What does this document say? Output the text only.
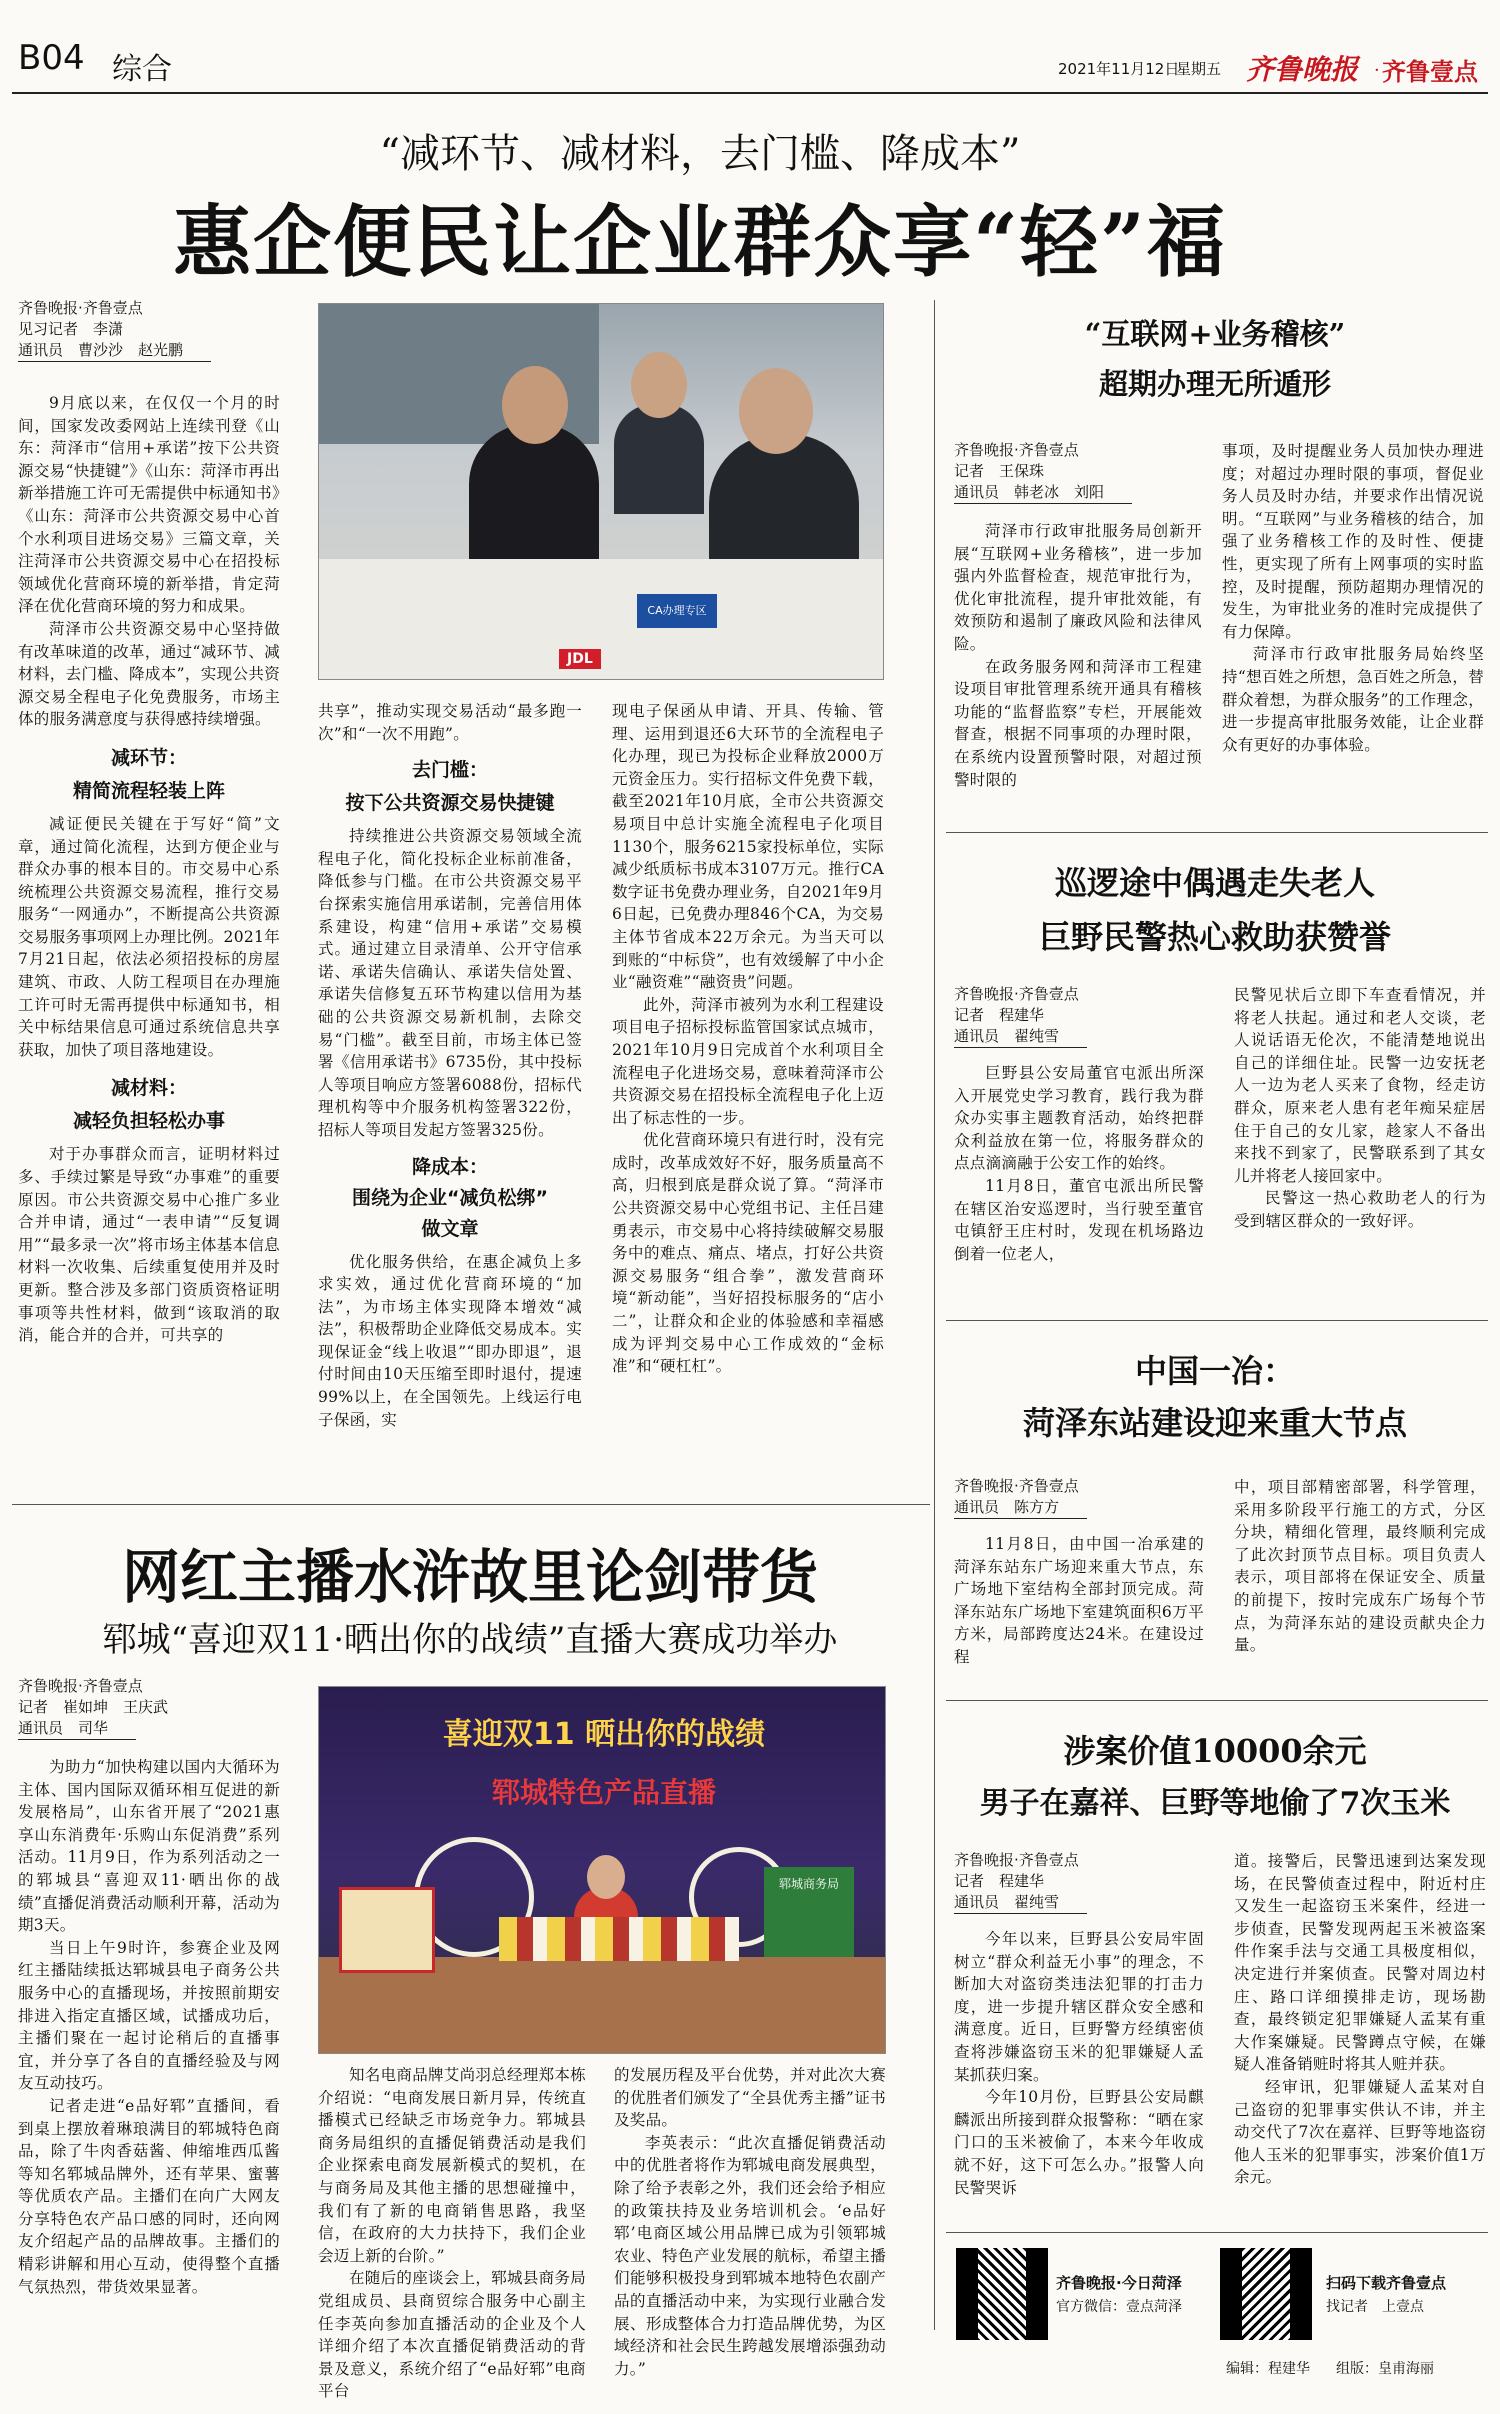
B04 综合	2021年11月12日
星期五 齐鲁晚报 · 齐鲁壹点
“减环节、减材料，去门槛、降成本”
惠企便民让企业群众享“轻”福
齐鲁晚报·齐鲁壹点
见习记者　李潇
通讯员　曹沙沙　赵光鹏
CA办理专区
JDL

9月底以来，在仅仅一个月的时间，国家发改委网站上连续刊登《山东：菏泽市“信用+承诺”按下公共资源交易“快捷键”》《山东：菏泽市再出新举措施工许可无需提供中标通知书》《山东：菏泽市公共资源交易中心首个水利项目进场交易》三篇文章，关注菏泽市公共资源交易中心在招投标领域优化营商环境的新举措，肯定菏泽在优化营商环境的努力和成果。

菏泽市公共资源交易中心坚持做有改革味道的改革，通过“减环节、减材料，去门槛、降成本”，实现公共资源交易全程电子化免费服务，市场主体的服务满意度与获得感持续增强。

减环节：
精简流程轻装上阵

减证便民关键在于写好“简”文章，通过简化流程，达到方便企业与群众办事的根本目的。市交易中心系统梳理公共资源交易流程，推行交易服务“一网通办”，不断提高公共资源交易服务事项网上办理比例。2021年7月21日起，依法必须招投标的房屋建筑、市政、人防工程项目在办理施工许可时无需再提供中标通知书，相关中标结果信息可通过系统信息共享获取，加快了项目落地建设。

减材料：
减轻负担轻松办事

对于办事群众而言，证明材料过多、手续过繁是导致“办事难”的重要原因。市公共资源交易中心推广多业合并申请，通过“一表申请”“反复调用”“最多录一次”将市场主体基本信息材料一次收集、后续重复使用并及时更新。整合涉及多部门资质资格证明事项等共性材料，做到“该取消的取消，能合并的合并，可共享的

共享”，推动实现交易活动“最多跑一次”和“一次不用跑”。

去门槛：
按下公共资源交易快捷键

持续推进公共资源交易领域全流程电子化，简化投标企业标前准备，降低参与门槛。在市公共资源交易平台探索实施信用承诺制，完善信用体系建设，构建“信用+承诺”交易模式。通过建立目录清单、公开守信承诺、承诺失信确认、承诺失信处置、承诺失信修复五环节构建以信用为基础的公共资源交易新机制，去除交易“门槛”。截至目前，市场主体已签署《信用承诺书》6735份，其中投标人等项目响应方签署6088份，招标代理机构等中介服务机构签署322份，招标人等项目发起方签署325份。

降成本：
围绕为企业“减负松绑”
做文章

优化服务供给，在惠企减负上多求实效，通过优化营商环境的“加法”，为市场主体实现降本增效“减法”，积极帮助企业降低交易成本。实现保证金“线上收退”“即办即退”，退付时间由10天压缩至即时退付，提速99%以上，在全国领先。上线运行电子保函，实

现电子保函从申请、开具、传输、管理、运用到退还6大环节的全流程电子化办理，现已为投标企业释放2000万元资金压力。实行招标文件免费下载，截至2021年10月底，全市公共资源交易项目中总计实施全流程电子化项目1130个，服务6215家投标单位，实际减少纸质标书成本3107万元。推行CA数字证书免费办理业务，自2021年9月6日起，已免费办理846个CA，为交易主体节省成本22万余元。为当天可以到账的“中标贷”，也有效缓解了中小企业“融资难”“融资贵”问题。

此外，菏泽市被列为水利工程建设项目电子招标投标监管国家试点城市，2021年10月9日完成首个水利项目全流程电子化进场交易，意味着菏泽市公共资源交易在招投标全流程电子化上迈出了标志性的一步。

优化营商环境只有进行时，没有完成时，改革成效好不好，服务质量高不高，归根到底是群众说了算。“菏泽市公共资源交易中心党组书记、主任吕建勇表示，市交易中心将持续破解交易服务中的难点、痛点、堵点，打好公共资源交易服务“组合拳”，激发营商环境“新动能”，当好招投标服务的“店小二”，让群众和企业的体验感和幸福感成为评判交易中心工作成效的“金标准”和“硬杠杠”。

“互联网+业务稽核”
超期办理无所遁形
齐鲁晚报·齐鲁壹点
记者　王保珠
通讯员　韩老冰　刘阳

菏泽市行政审批服务局创新开展“互联网+业务稽核”，进一步加强内外监督检查，规范审批行为，优化审批流程，提升审批效能，有效预防和遏制了廉政风险和法律风险。

在政务服务网和菏泽市工程建设项目审批管理系统开通具有稽核功能的“监督监察”专栏，开展能效督查，根据不同事项的办理时限，在系统内设置预警时限，对超过预警时限的

事项，及时提醒业务人员加快办理进度；对超过办理时限的事项，督促业务人员及时办结，并要求作出情况说明。“互联网”与业务稽核的结合，加强了业务稽核工作的及时性、便捷性，更实现了所有上网事项的实时监控，及时提醒，预防超期办理情况的发生，为审批业务的准时完成提供了有力保障。

菏泽市行政审批服务局始终坚持“想百姓之所想，急百姓之所急，替群众着想，为群众服务”的工作理念，进一步提高审批服务效能，让企业群众有更好的办事体验。

巡逻途中偶遇走失老人
巨野民警热心救助获赞誉
齐鲁晚报·齐鲁壹点
记者　程建华
通讯员　翟纯雪

巨野县公安局董官屯派出所深入开展党史学习教育，践行我为群众办实事主题教育活动，始终把群众利益放在第一位，将服务群众的点点滴滴融于公安工作的始终。

11月8日，董官屯派出所民警在辖区治安巡逻时，当行驶至董官屯镇舒王庄村时，发现在机场路边倒着一位老人，

民警见状后立即下车查看情况，并将老人扶起。通过和老人交谈，老人说话语无伦次，不能清楚地说出自己的详细住址。民警一边安抚老人一边为老人买来了食物，经走访群众，原来老人患有老年痴呆症居住于自己的女儿家，趁家人不备出来找不到家了，民警联系到了其女儿并将老人接回家中。

民警这一热心救助老人的行为受到辖区群众的一致好评。

中国一冶：
菏泽东站建设迎来重大节点
齐鲁晚报·齐鲁壹点
通讯员　陈方方

11月8日，由中国一冶承建的菏泽东站东广场迎来重大节点，东广场地下室结构全部封顶完成。菏泽东站东广场地下室建筑面积6万平方米，局部跨度达24米。在建设过程

中，项目部精密部署，科学管理，采用多阶段平行施工的方式，分区分块，精细化管理，最终顺利完成了此次封顶节点目标。项目负责人表示，项目部将在保证安全、质量的前提下，按时完成东广场每个节点，为菏泽东站的建设贡献央企力量。

网红主播水浒故里论剑带货
郓城“喜迎双11·晒出你的战绩”直播大赛成功举办
齐鲁晚报·齐鲁壹点
记者　崔如坤　王庆武
通讯员　司华

为助力“加快构建以国内大循环为主体、国内国际双循环相互促进的新发展格局”，山东省开展了“2021惠享山东消费年·乐购山东促消费”系列活动。11月9日，作为系列活动之一的郓城县“喜迎双11·晒出你的战绩”直播促消费活动顺利开幕，活动为期3天。

当日上午9时许，参赛企业及网红主播陆续抵达郓城县电子商务公共服务中心的直播现场，并按照前期安排进入指定直播区域，试播成功后，主播们聚在一起讨论稍后的直播事宜，并分享了各自的直播经验及与网友互动技巧。

记者走进“e品好郓”直播间，看到桌上摆放着琳琅满目的郓城特色商品，除了牛肉香菇酱、伸缩堆西瓜酱等知名郓城品牌外，还有苹果、蜜薯等优质农产品。主播们在向广大网友分享特色农产品口感的同时，还向网友介绍起产品的品牌故事。主播们的精彩讲解和用心互动，使得整个直播气氛热烈，带货效果显著。

喜迎双11 晒出你的战绩
郓城特色产品直播
郓城商务局

知名电商品牌艾尚羽总经理郑本栋介绍说：“电商发展日新月异，传统直播模式已经缺乏市场竞争力。郓城县商务局组织的直播促销费活动是我们企业探索电商发展新模式的契机，在与商务局及其他主播的思想碰撞中，我们有了新的电商销售思路，我坚信，在政府的大力扶持下，我们企业会迈上新的台阶。”

在随后的座谈会上，郓城县商务局党组成员、县商贸综合服务中心副主任李英向参加直播活动的企业及个人详细介绍了本次直播促销费活动的背景及意义，系统介绍了“e品好郓”电商平台

的发展历程及平台优势，并对此次大赛的优胜者们颁发了“全县优秀主播”证书及奖品。

李英表示：“此次直播促销费活动中的优胜者将作为郓城电商发展典型，除了给予表彰之外，我们还会给予相应的政策扶持及业务培训机会。‘e品好郓’电商区域公用品牌已成为引领郓城农业、特色产业发展的航标，希望主播们能够积极投身到郓城本地特色农副产品的直播活动中来，为实现行业融合发展、形成整体合力打造品牌优势，为区域经济和社会民生跨越发展增添强劲动力。”

涉案价值10000余元
男子在嘉祥、巨野等地偷了7次玉米
齐鲁晚报·齐鲁壹点
记者　程建华
通讯员　翟纯雪

今年以来，巨野县公安局牢固树立“群众利益无小事”的理念，不断加大对盗窃类违法犯罪的打击力度，进一步提升辖区群众安全感和满意度。近日，巨野警方经缜密侦查将涉嫌盗窃玉米的犯罪嫌疑人孟某抓获归案。

今年10月份，巨野县公安局麒麟派出所接到群众报警称：“晒在家门口的玉米被偷了，本来今年收成就不好，这下可怎么办。”报警人向民警哭诉

道。接警后，民警迅速到达案发现场，在民警侦查过程中，附近村庄又发生一起盗窃玉米案件，经进一步侦查，民警发现两起玉米被盗案件作案手法与交通工具极度相似，决定进行并案侦查。民警对周边村庄、路口详细摸排走访，现场勘查，最终锁定犯罪嫌疑人孟某有重大作案嫌疑。民警蹲点守候，在嫌疑人准备销赃时将其人赃并获。

经审讯，犯罪嫌疑人孟某对自己盗窃的犯罪事实供认不讳，并主动交代了7次在嘉祥、巨野等地盗窃他人玉米的犯罪事实，涉案价值1万余元。

齐鲁晚报·今日菏泽
官方微信：壹点菏泽
扫码下载齐鲁壹点
找记者　上壹点
编辑：程建华 组版：皇甫海丽
